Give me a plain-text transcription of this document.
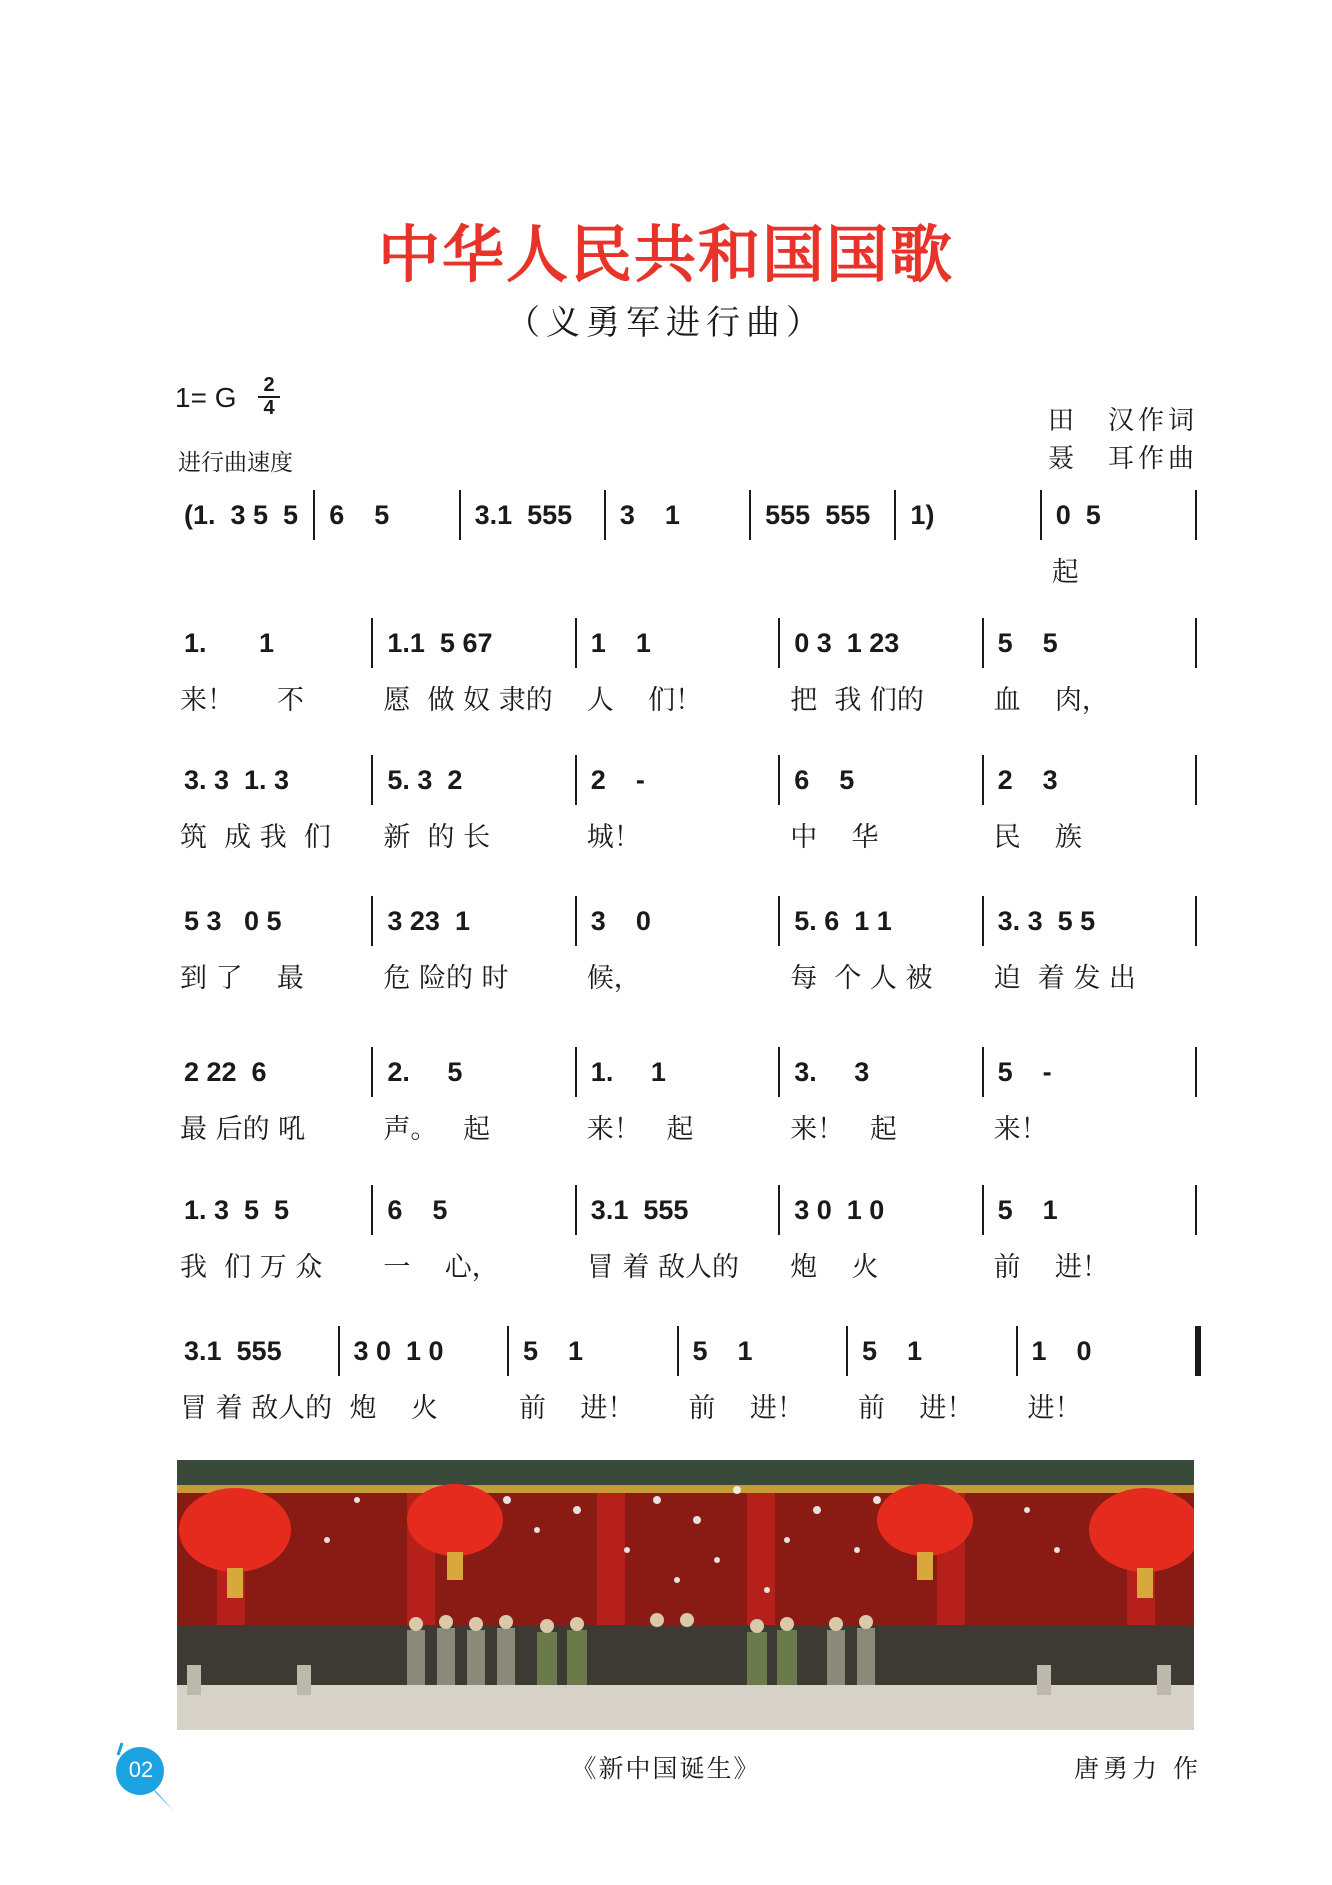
中华人民共和国国歌
（义勇军进行曲）
1= G 2
4
进行曲速度
田　汉作词
聂　耳作曲
(1.  3 5  5 6    5	3.1  555 3    1	555  555 1)	0  5
起
1.       1
来！     不
1.1  5 67
愿  做 奴 隶的
1    1
人    们！
0 3  1 23
把  我 们的
5    5
血    肉，
3. 3  1. 3
筑  成 我  们
5. 3  2
新  的 长
2    -
城！
6    5
中    华
2    3
民    族
5 3   0 5
到 了    最
3 23  1
危 险的 时
3    0
候，
5. 6  1 1
每  个 人 被
3. 3  5 5
迫  着 发 出
2 22  6
最 后的 吼
2.     5
声。   起
1.     1
来！   起
3.     3
来！   起
5    -
来！
1. 3  5  5
我  们 万 众
6    5
一    心，
3.1  555
冒 着 敌人的
3 0  1 0
炮    火
5    1
前    进！
3.1  555
冒 着 敌人的
3 0  1 0
炮    火
5    1
前    进！
5    1
前    进！
5    1
前    进！
1    0
进！
《新中国诞生》	唐勇力 作
02
